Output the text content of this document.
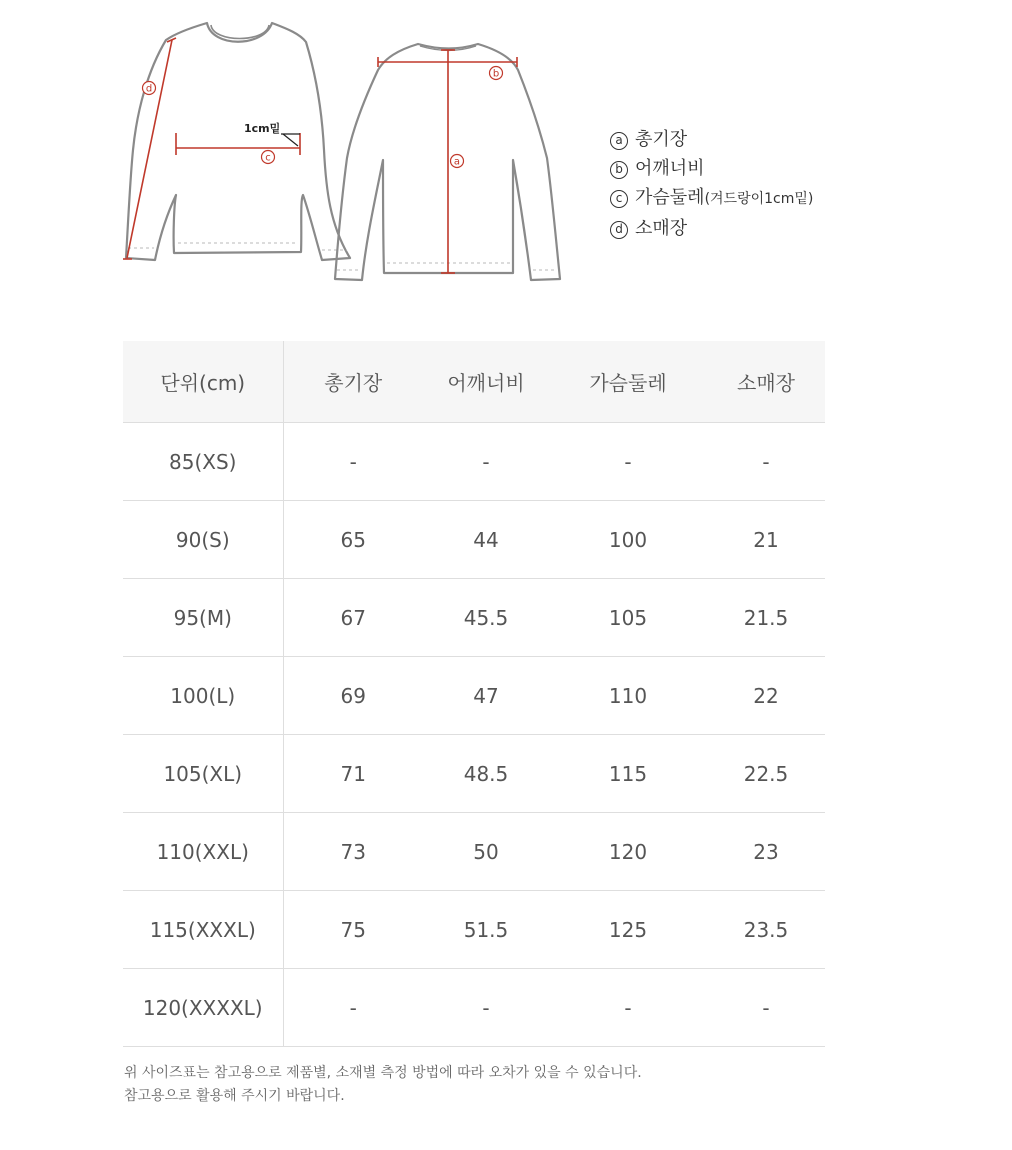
1cm밑
d
c
b
a
a 총기장
b 어깨너비
c 가슴둘레(겨드랑이1cm밑)
d 소매장
단위(cm)	총기장	어깨너비	가슴둘레	소매장
85(XS)	-	-	-	-
90(S)	65	44	100	21
95(M)	67	45.5	105	21.5
100(L)	69	47	110	22
105(XL)	71	48.5	115	22.5
110(XXL)	73	50	120	23
115(XXXL)	75	51.5	125	23.5
120(XXXXL)	-	-	-	-
위 사이즈표는 참고용으로 제품별, 소재별 측정 방법에 따라 오차가 있을 수 있습니다.
참고용으로 활용해 주시기 바랍니다.
